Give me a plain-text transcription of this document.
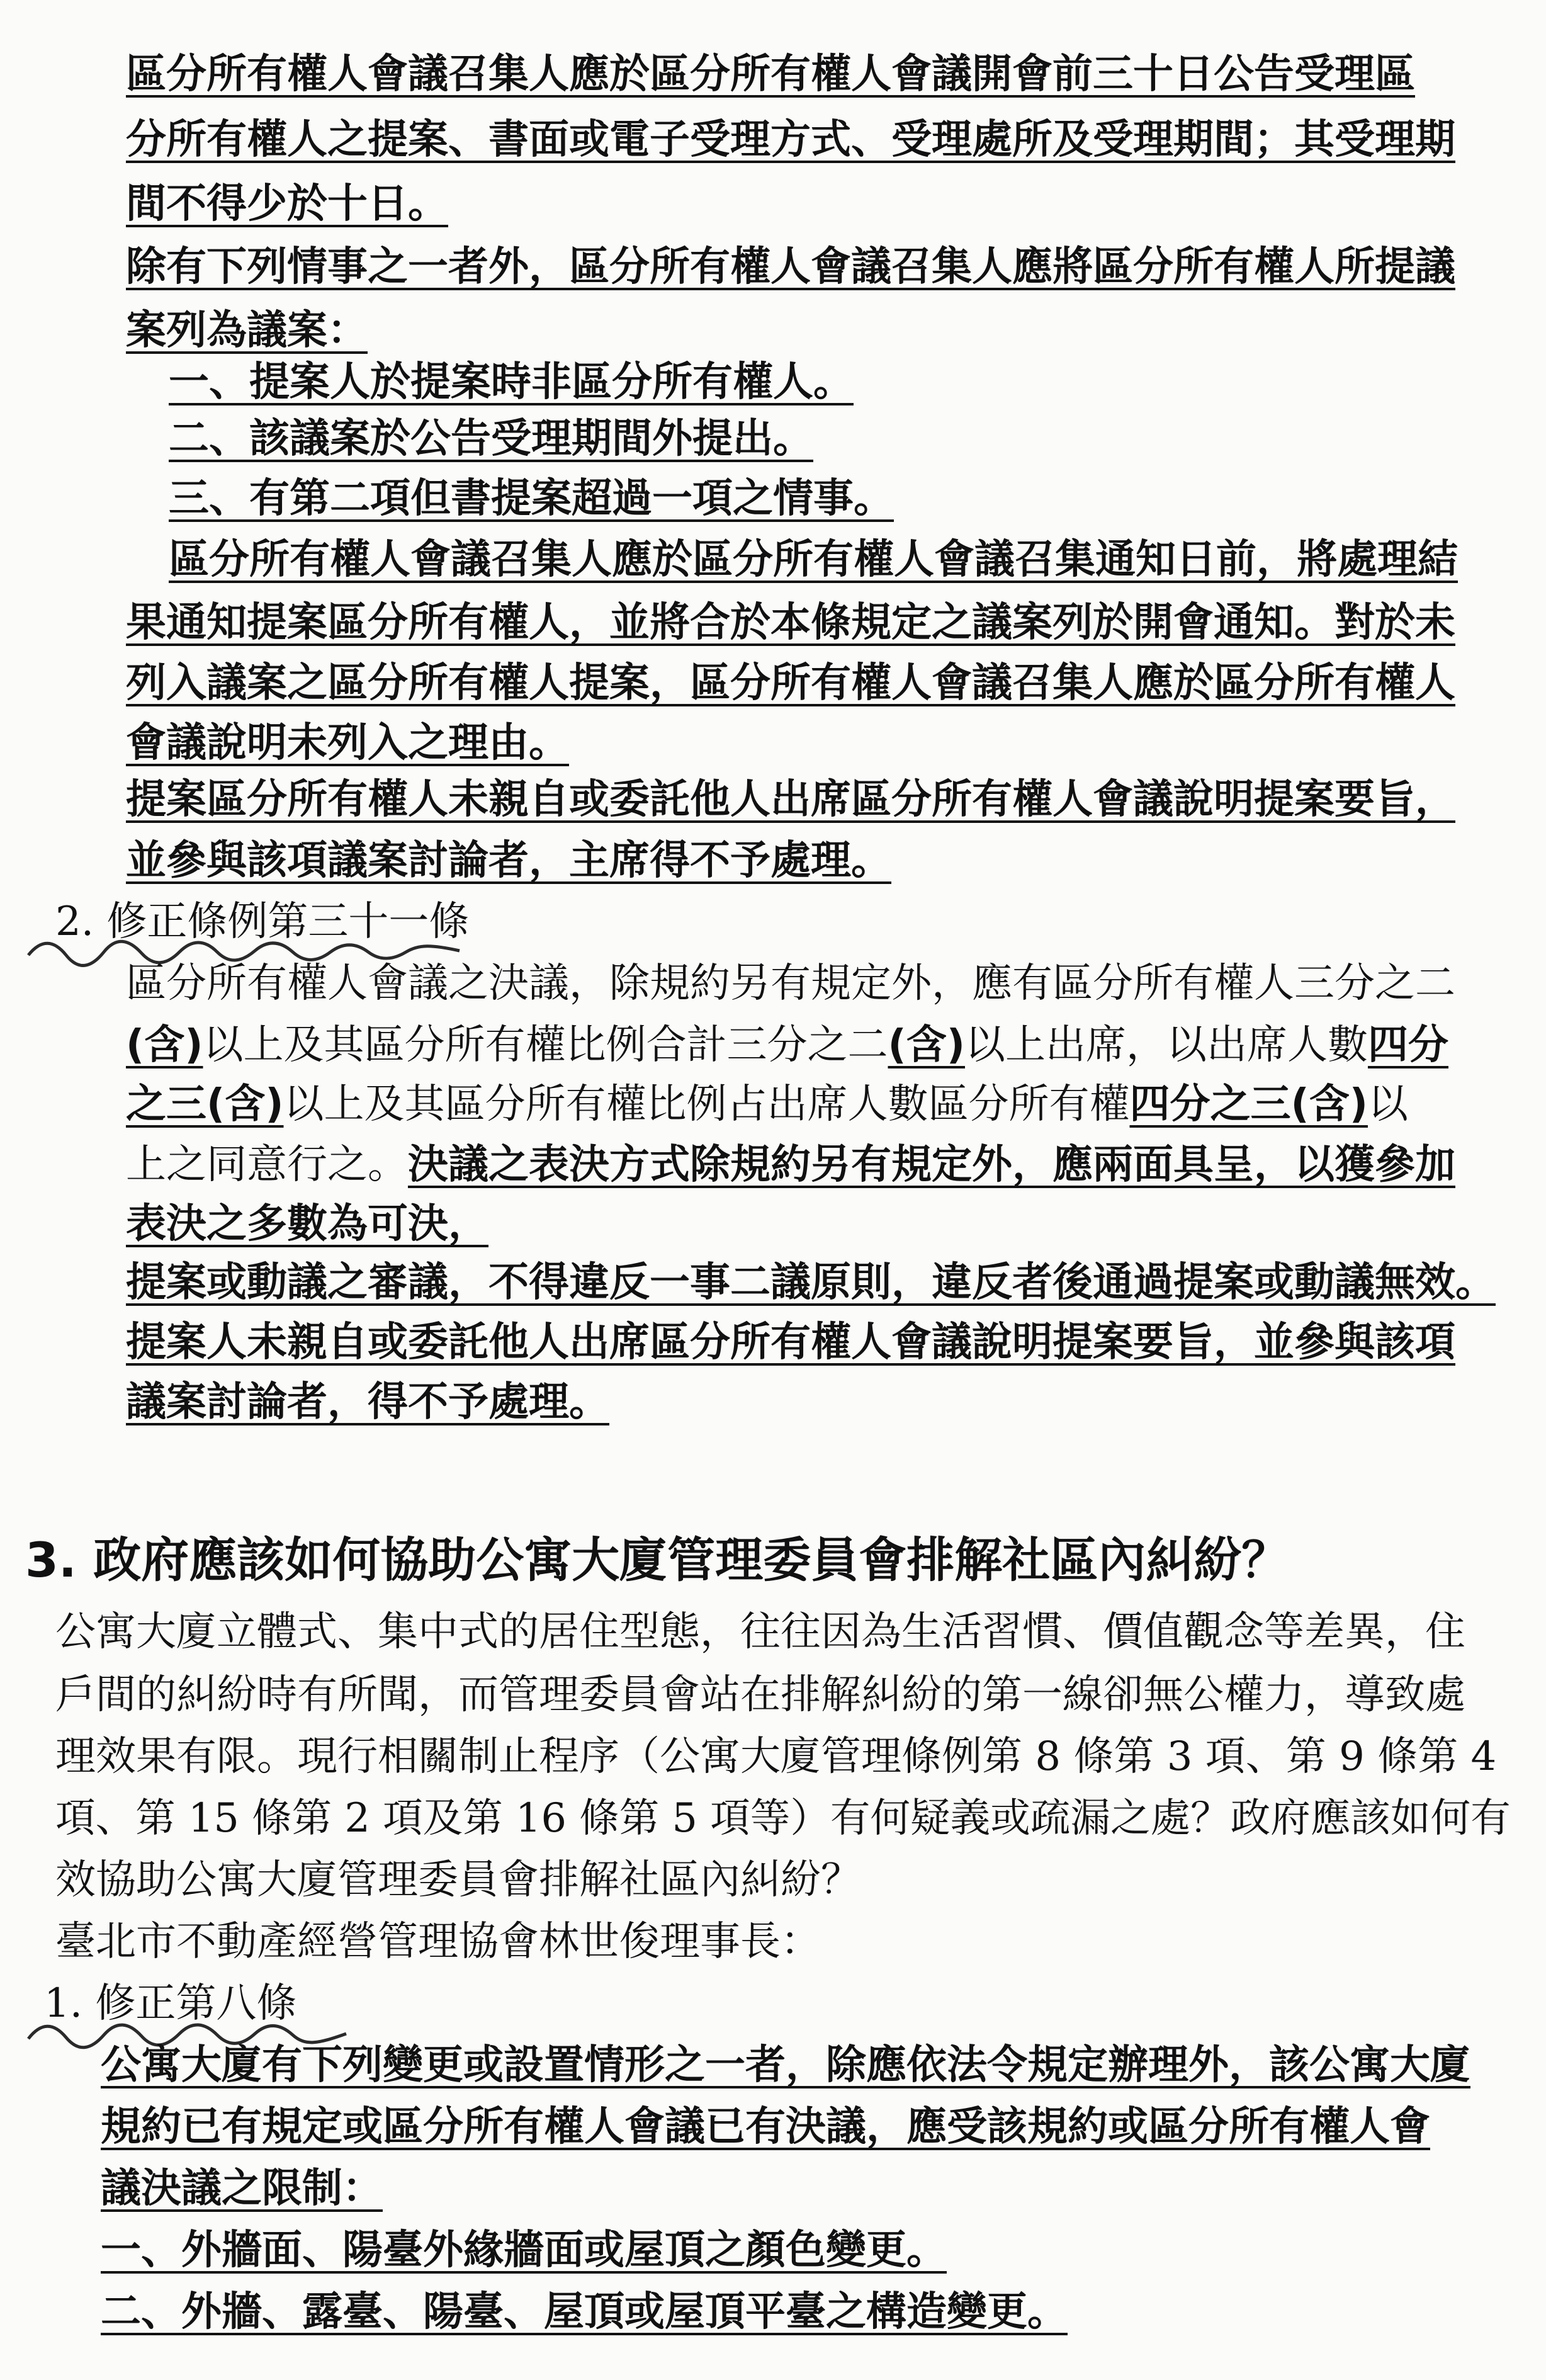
區分所有權人會議召集人應於區分所有權人會議開會前三十日公告受理區
分所有權人之提案、書面或電子受理方式、受理處所及受理期間；其受理期
間不得少於十日。
除有下列情事之一者外，區分所有權人會議召集人應將區分所有權人所提議
案列為議案：
一、提案人於提案時非區分所有權人。
二、該議案於公告受理期間外提出。
三、有第二項但書提案超過一項之情事。
區分所有權人會議召集人應於區分所有權人會議召集通知日前，將處理結
果通知提案區分所有權人，並將合於本條規定之議案列於開會通知。對於未
列入議案之區分所有權人提案，區分所有權人會議召集人應於區分所有權人
會議說明未列入之理由。
提案區分所有權人未親自或委託他人出席區分所有權人會議說明提案要旨，
並參與該項議案討論者，主席得不予處理。
2. 修正條例第三十一條
區分所有權人會議之決議，除規約另有規定外，應有區分所有權人三分之二
(含)以上及其區分所有權比例合計三分之二(含)以上出席，以出席人數四分
之三(含)以上及其區分所有權比例占出席人數區分所有權四分之三(含)以
上之同意行之。決議之表決方式除規約另有規定外，應兩面具呈，以獲參加
表決之多數為可決，
提案或動議之審議，不得違反一事二議原則，違反者後通過提案或動議無效。
提案人未親自或委託他人出席區分所有權人會議說明提案要旨，並參與該項
議案討論者，得不予處理。
3. 政府應該如何協助公寓大廈管理委員會排解社區內糾紛？
公寓大廈立體式、集中式的居住型態，往往因為生活習慣、價值觀念等差異，住
戶間的糾紛時有所聞，而管理委員會站在排解糾紛的第一線卻無公權力，導致處
理效果有限。現行相關制止程序（公寓大廈管理條例第 8 條第 3 項、第 9 條第 4
項、第 15 條第 2 項及第 16 條第 5 項等）有何疑義或疏漏之處？政府應該如何有
效協助公寓大廈管理委員會排解社區內糾紛？
臺北市不動產經營管理協會林世俊理事長：
1. 修正第八條
公寓大廈有下列變更或設置情形之一者，除應依法令規定辦理外，該公寓大廈
規約已有規定或區分所有權人會議已有決議，應受該規約或區分所有權人會
議決議之限制：
一、外牆面、陽臺外緣牆面或屋頂之顏色變更。
二、外牆、露臺、陽臺、屋頂或屋頂平臺之構造變更。
